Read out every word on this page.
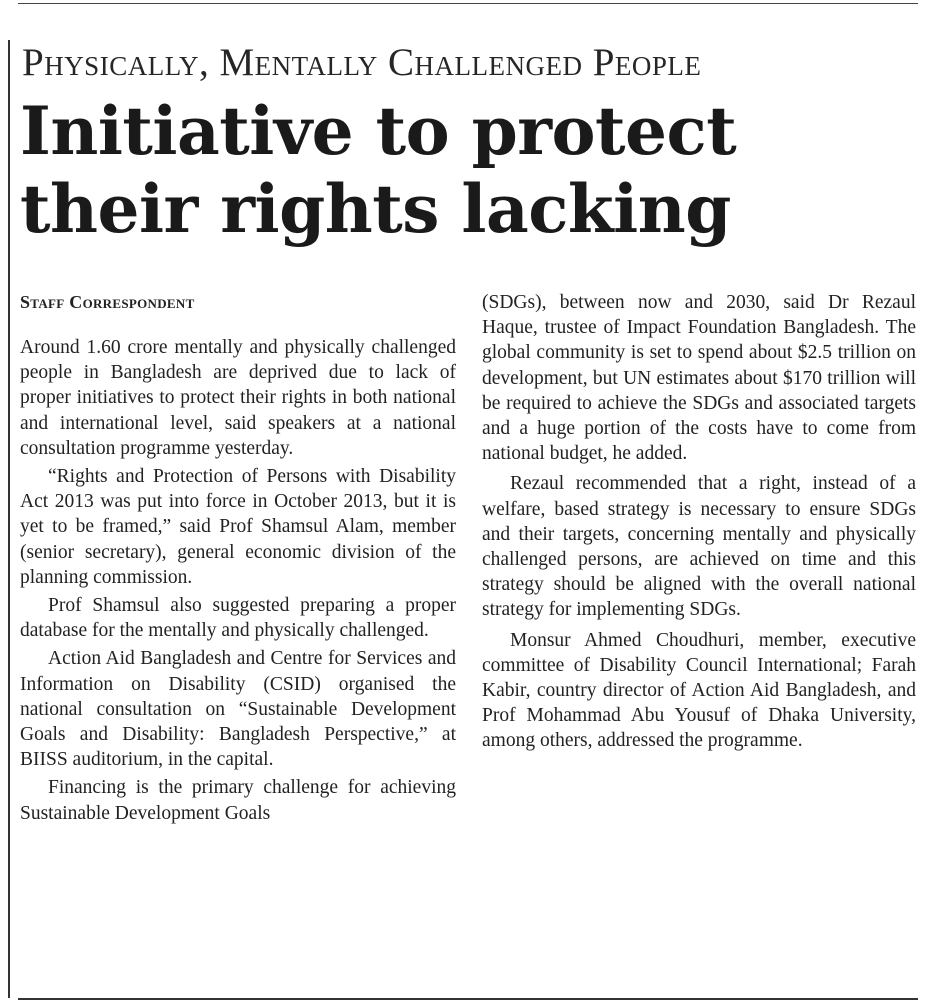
Physically, Mentally Challenged People
Initiative to protect their rights lacking
Staff Correspondent

Around 1.60 crore mentally and physically challenged people in Bangladesh are deprived due to lack of proper initiatives to protect their rights in both national and international level, said speakers at a national consultation programme yesterday.

“Rights and Protection of Persons with Disability Act 2013 was put into force in October 2013, but it is yet to be framed,” said Prof Shamsul Alam, member (senior secretary), general economic division of the planning commission.

Prof Shamsul also suggested preparing a proper database for the mentally and physically challenged.

Action Aid Bangladesh and Centre for Services and Information on Disability (CSID) organised the national consultation on “Sustainable Development Goals and Disability: Bangladesh Perspective,” at BIISS auditorium, in the capital.

Financing is the primary challenge for achieving Sustainable Development Goals

(SDGs), between now and 2030, said Dr Rezaul Haque, trustee of Impact Foundation Bangladesh. The global community is set to spend about $2.5 trillion on development, but UN estimates about $170 trillion will be required to achieve the SDGs and associated targets and a huge portion of the costs have to come from national budget, he added.

Rezaul recommended that a right, instead of a welfare, based strategy is necessary to ensure SDGs and their targets, concerning mentally and physically challenged persons, are achieved on time and this strategy should be aligned with the overall national strategy for implementing SDGs.

Monsur Ahmed Choudhuri, member, executive committee of Disability Council International; Farah Kabir, country director of Action Aid Bangladesh, and Prof Mohammad Abu Yousuf of Dhaka University, among others, addressed the programme.
